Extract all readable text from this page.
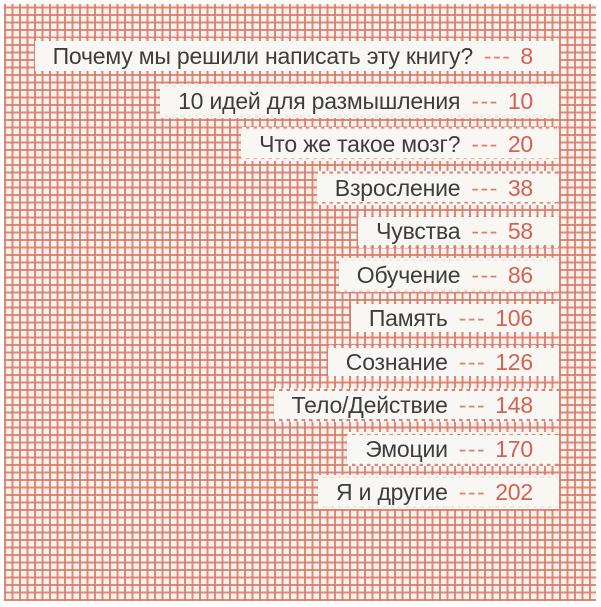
Почему мы решили написать эту книгу? --- 8
10 идей для размышления --- 10
Что же такое мозг? --- 20
Взросление --- 38
Чувства --- 58
Обучение --- 86
Память --- 106
Сознание --- 126
Тело/Действие --- 148
Эмоции --- 170
Я и другие --- 202
